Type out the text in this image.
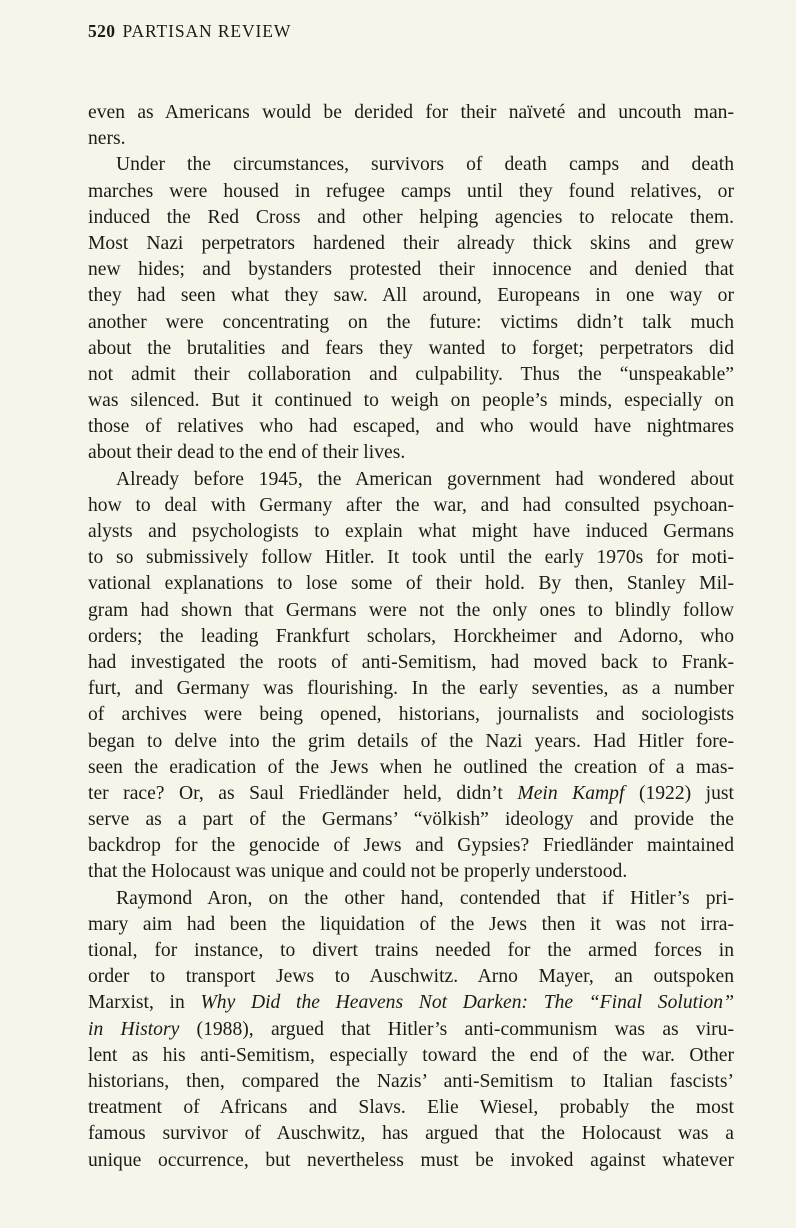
520 PARTISAN REVIEW
even as Americans would be derided for their naïveté and uncouth man-
ners.
Under the circumstances, survivors of death camps and death
marches were housed in refugee camps until they found relatives, or
induced the Red Cross and other helping agencies to relocate them.
Most Nazi perpetrators hardened their already thick skins and grew
new hides; and bystanders protested their innocence and denied that
they had seen what they saw. All around, Europeans in one way or
another were concentrating on the future: victims didn’t talk much
about the brutalities and fears they wanted to forget; perpetrators did
not admit their collaboration and culpability. Thus the “unspeakable”
was silenced. But it continued to weigh on people’s minds, especially on
those of relatives who had escaped, and who would have nightmares
about their dead to the end of their lives.
Already before 1945, the American government had wondered about
how to deal with Germany after the war, and had consulted psychoan-
alysts and psychologists to explain what might have induced Germans
to so submissively follow Hitler. It took until the early 1970s for moti-
vational explanations to lose some of their hold. By then, Stanley Mil-
gram had shown that Germans were not the only ones to blindly follow
orders; the leading Frankfurt scholars, Horckheimer and Adorno, who
had investigated the roots of anti-Semitism, had moved back to Frank-
furt, and Germany was flourishing. In the early seventies, as a number
of archives were being opened, historians, journalists and sociologists
began to delve into the grim details of the Nazi years. Had Hitler fore-
seen the eradication of the Jews when he outlined the creation of a mas-
ter race? Or, as Saul Friedländer held, didn’t Mein Kampf (1922) just
serve as a part of the Germans’ “völkish” ideology and provide the
backdrop for the genocide of Jews and Gypsies? Friedländer maintained
that the Holocaust was unique and could not be properly understood.
Raymond Aron, on the other hand, contended that if Hitler’s pri-
mary aim had been the liquidation of the Jews then it was not irra-
tional, for instance, to divert trains needed for the armed forces in
order to transport Jews to Auschwitz. Arno Mayer, an outspoken
Marxist, in Why Did the Heavens Not Darken: The “Final Solution”
in History (1988), argued that Hitler’s anti-communism was as viru-
lent as his anti-Semitism, especially toward the end of the war. Other
historians, then, compared the Nazis’ anti-Semitism to Italian fascists’
treatment of Africans and Slavs. Elie Wiesel, probably the most
famous survivor of Auschwitz, has argued that the Holocaust was a
unique occurrence, but nevertheless must be invoked against whatever
